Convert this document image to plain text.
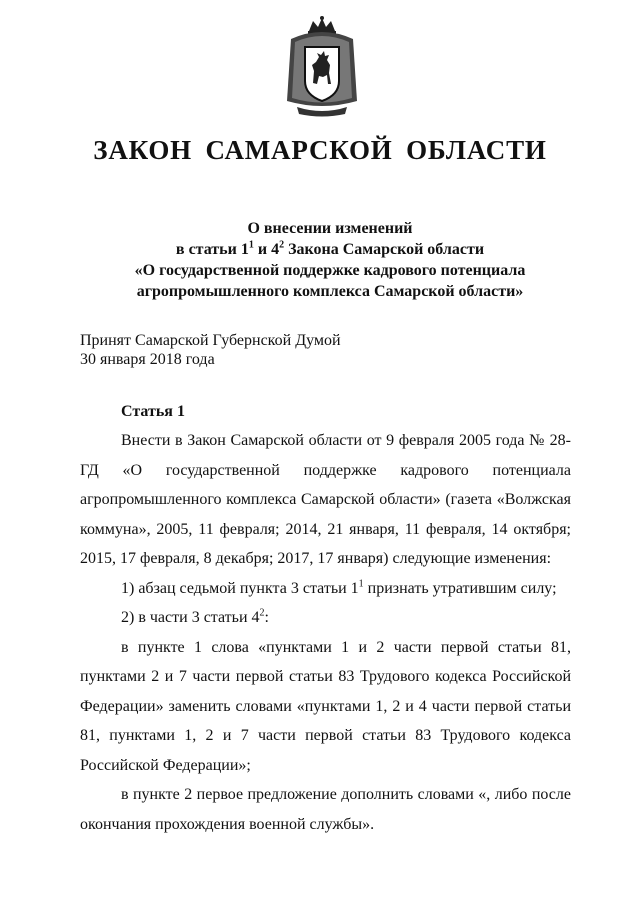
ЗАКОН САМАРСКОЙ ОБЛАСТИ
О внесении изменений
в статьи $1^1$ и $4^2$ Закона Самарской области
«О государственной поддержке кадрового потенциала
агропромышленного комплекса Самарской области»
Принят Самарской Губернской Думой
30 января 2018 года
Статья 1

Внести в Закон Самарской области от 9 февраля 2005 года № 28-ГД «О государственной поддержке кадрового потенциала агропромышленного комплекса Самарской области» (газета «Волжская коммуна», 2005, 11 февраля; 2014, 21 января, 11 февраля, 14 октября; 2015, 17 февраля, 8 декабря; 2017, 17 января) следующие изменения:

1) абзац седьмой пункта 3 статьи $1^1$ признать утратившим силу;

2) в части 3 статьи $4^2$:

в пункте 1 слова «пунктами 1 и 2 части первой статьи 81, пунктами 2 и 7 части первой статьи 83 Трудового кодекса Российской Федерации» заменить словами «пунктами 1, 2 и 4 части первой статьи 81, пунктами 1, 2 и 7 части первой статьи 83 Трудового кодекса Российской Федерации»;

в пункте 2 первое предложение дополнить словами «, либо после окончания прохождения военной службы».
